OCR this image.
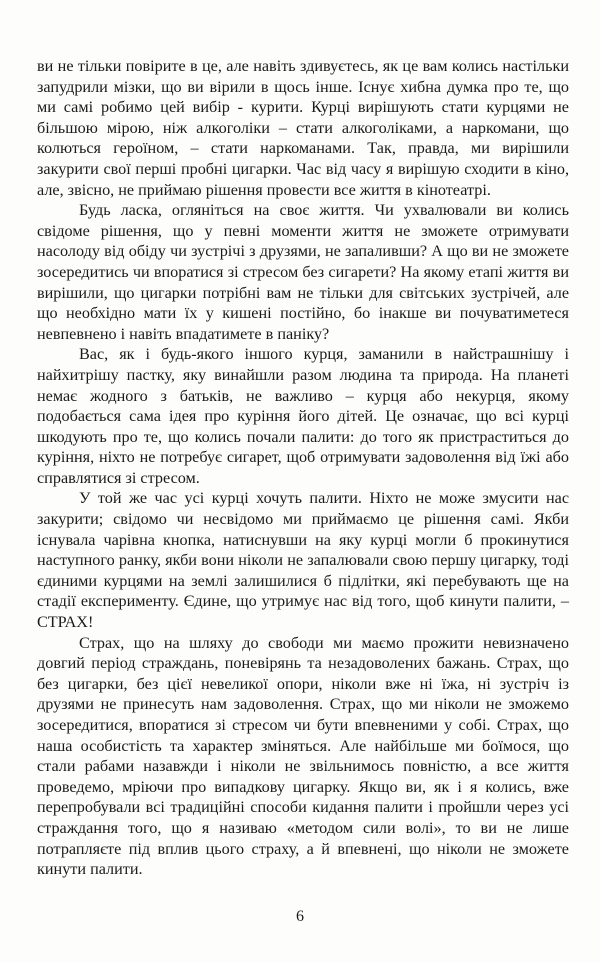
ви не тільки повірите в це, але навіть здивуєтесь, як це вам колись настільки запудрили мізки, що ви вірили в щось інше. Існує хибна думка про те, що ми самі робимо цей вибір - курити. Курці вирішують стати курцями не більшою мірою, ніж алкоголіки – стати алкоголіками, а наркомани, що колються героїном, – стати наркоманами. Так, правда, ми вирішили закурити свої перші пробні цигарки. Час від часу я вирішую сходити в кіно, але, звісно, не приймаю рішення провести все життя в кінотеатрі.

Будь ласка, огляніться на своє життя. Чи ухвалювали ви колись свідоме рішення, що у певні моменти життя не зможете отримувати насолоду від обіду чи зустрічі з друзями, не запаливши? А що ви не зможете зосередитись чи впоратися зі стресом без сигарети? На якому етапі життя ви вирішили, що цигарки потрібні вам не тільки для світських зустрічей, але що необхідно мати їх у кишені постійно, бо інакше ви почуватиметеся невпевнено і навіть впадатимете в паніку?

Вас, як і будь-якого іншого курця, заманили в найстрашнішу і найхитрішу пастку, яку винайшли разом людина та природа. На планеті немає жодного з батьків, не важливо – курця або некурця, якому подобається сама ідея про куріння його дітей. Це означає, що всі курці шкодують про те, що колись почали палити: до того як пристраститься до куріння, ніхто не потребує сигарет, щоб отримувати задоволення від їжі або справлятися зі стресом.

У той же час усі курці хочуть палити. Ніхто не може змусити нас закурити; свідомо чи несвідомо ми приймаємо це рішення самі. Якби існувала чарівна кнопка, натиснувши на яку курці могли б прокинутися наступного ранку, якби вони ніколи не запалювали свою першу цигарку, тоді єдиними курцями на землі залишилися б підлітки, які перебувають ще на стадії експерименту. Єдине, що утримує нас від того, щоб кинути палити, – СТРАХ!

Страх, що на шляху до свободи ми маємо прожити невизначено довгий період страждань, поневірянь та незадоволених бажань. Страх, що без цигарки, без цієї невеликої опори, ніколи вже ні їжа, ні зустріч із друзями не принесуть нам задоволення. Страх, що ми ніколи не зможемо зосередитися, впоратися зі стресом чи бути впевненими у собі. Страх, що наша особистість та характер зміняться. Але найбільше ми боїмося, що стали рабами назавжди і ніколи не звільнимось повністю, а все життя проведемо, мріючи про випадкову цигарку. Якщо ви, як і я колись, вже перепробували всі традиційні способи кидання палити і пройшли через усі страждання того, що я називаю «методом сили волі», то ви не лише потрапляєте під вплив цього страху, а й впевнені, що ніколи не зможете кинути палити.

6
